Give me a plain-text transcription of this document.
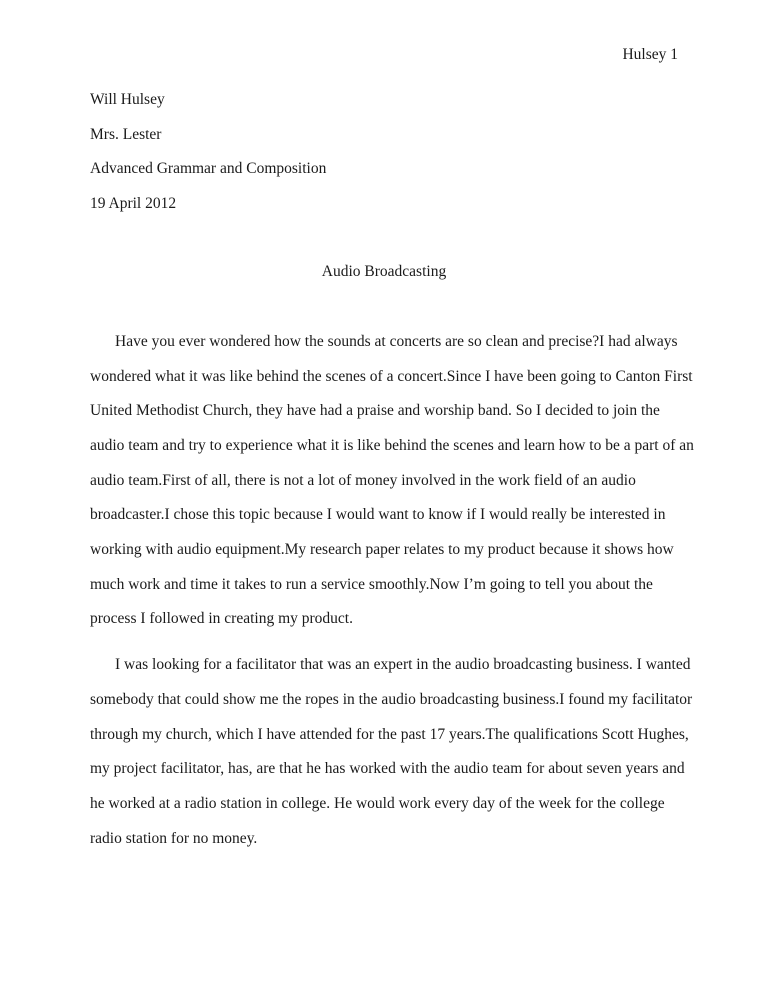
Hulsey 1
Will Hulsey
Mrs. Lester
Advanced Grammar and Composition
19 April 2012
Audio Broadcasting
Have you ever wondered how the sounds at concerts are so clean and precise?I had always
wondered what it was like behind the scenes of a concert.Since I have been going to Canton First
United Methodist Church, they have had a praise and worship band. So I decided to join the
audio team and try to experience what it is like behind the scenes and learn how to be a part of an
audio team.First of all, there is not a lot of money involved in the work field of an audio
broadcaster.I chose this topic because I would want to know if I would really be interested in
working with audio equipment.My research paper relates to my product because it shows how
much work and time it takes to run a service smoothly.Now I’m going to tell you about the
process I followed in creating my product.
I was looking for a facilitator that was an expert in the audio broadcasting business. I wanted
somebody that could show me the ropes in the audio broadcasting business.I found my facilitator
through my church, which I have attended for the past 17 years.The qualifications Scott Hughes,
my project facilitator, has, are that he has worked with the audio team for about seven years and
he worked at a radio station in college. He would work every day of the week for the college
radio station for no money.
